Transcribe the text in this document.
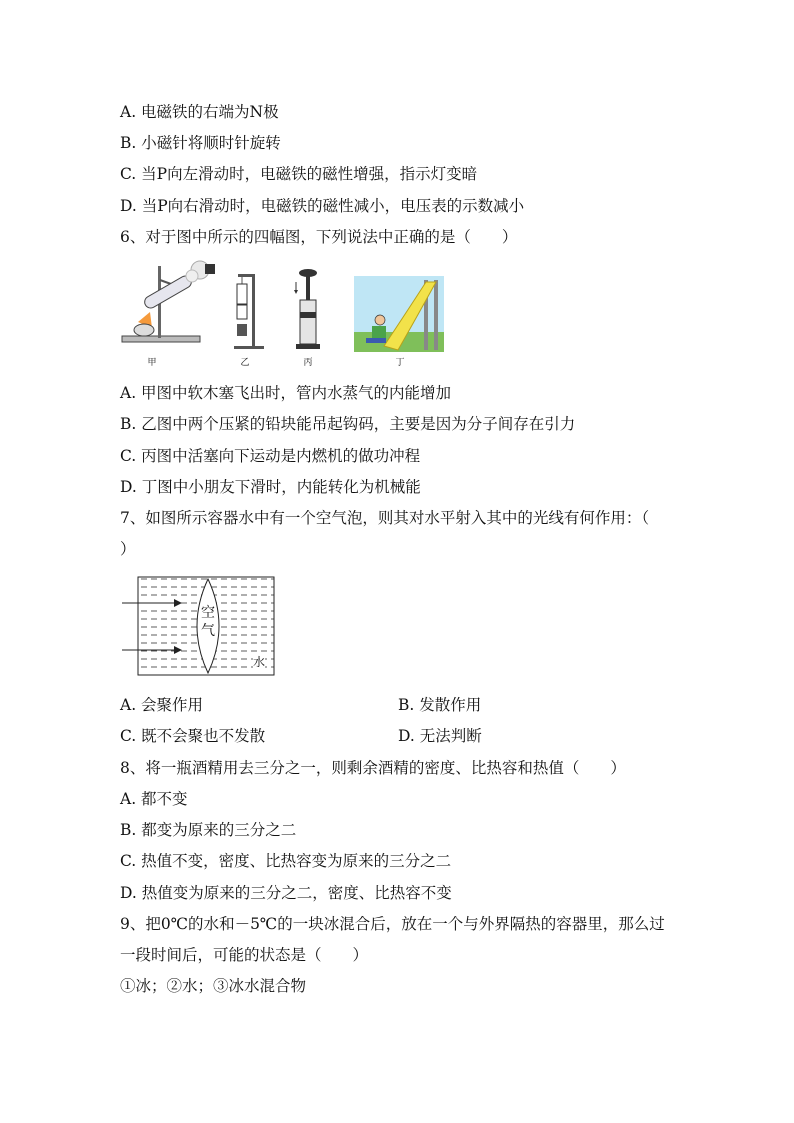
A. 电磁铁的右端为N极
B. 小磁针将顺时针旋转
C. 当P向左滑动时，电磁铁的磁性增强，指示灯变暗
D. 当P向右滑动时，电磁铁的磁性减小，电压表的示数减小
6、对于图中所示的四幅图，下列说法中正确的是（　　）
甲	乙	丙	丁
A. 甲图中软木塞飞出时，管内水蒸气的内能增加
B. 乙图中两个压紧的铅块能吊起钩码，主要是因为分子间存在引力
C. 丙图中活塞向下运动是内燃机的做功冲程
D. 丁图中小朋友下滑时，内能转化为机械能
7、如图所示容器水中有一个空气泡，则其对水平射入其中的光线有何作用：（
）
空
气
水
A. 会聚作用	B. 发散作用
C. 既不会聚也不发散	D. 无法判断
8、将一瓶酒精用去三分之一，则剩余酒精的密度、比热容和热值（　　）
A. 都不变
B. 都变为原来的三分之二
C. 热值不变，密度、比热容变为原来的三分之二
D. 热值变为原来的三分之二，密度、比热容不变
9、把0℃的水和－5℃的一块冰混合后，放在一个与外界隔热的容器里，那么过
一段时间后，可能的状态是（　　）
①冰；②水；③冰水混合物
